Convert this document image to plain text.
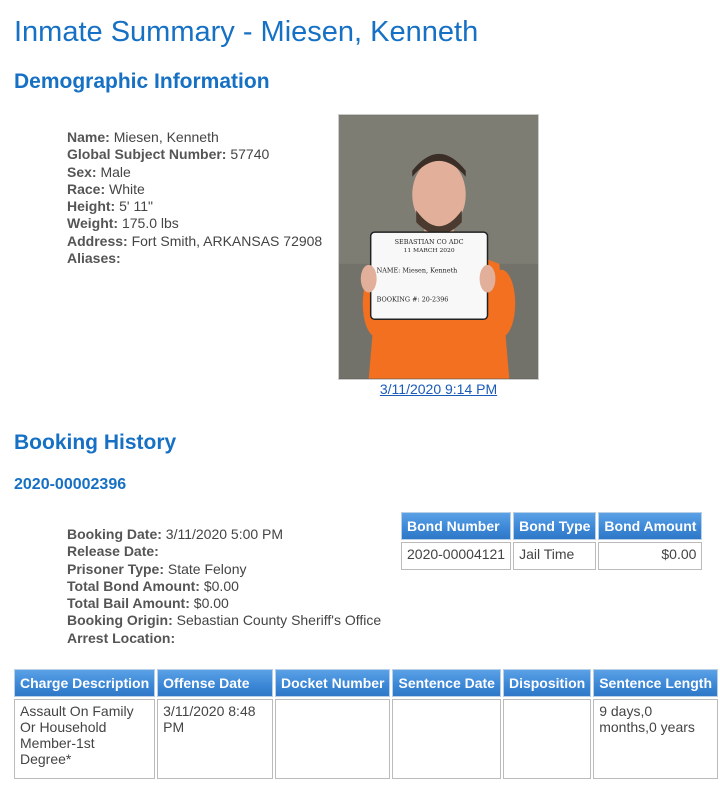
Inmate Summary - Miesen, Kenneth
Demographic Information
Name: Miesen, Kenneth
Global Subject Number: 57740
Sex: Male
Race: White
Height: 5' 11"
Weight: 175.0 lbs
Address: Fort Smith, ARKANSAS 72908
Aliases:
SEBASTIAN CO ADC
11 MARCH 2020
NAME: Miesen, Kenneth
BOOKING #: 20-2396
3/11/2020 9:14 PM
Booking History
2020-00002396
Booking Date: 3/11/2020 5:00 PM
Release Date:
Prisoner Type: State Felony
Total Bond Amount: $0.00
Total Bail Amount: $0.00
Booking Origin: Sebastian County Sheriff's Office
Arrest Location:
Bond Number	Bond Type	Bond Amount
2020-00004121	Jail Time	$0.00
Charge Description	Offense Date	Docket Number	Sentence Date	Disposition	Sentence Length
Assault On Family Or Household Member-1st Degree*	3/11/2020 8:48 PM				9 days,0 months,0 years
